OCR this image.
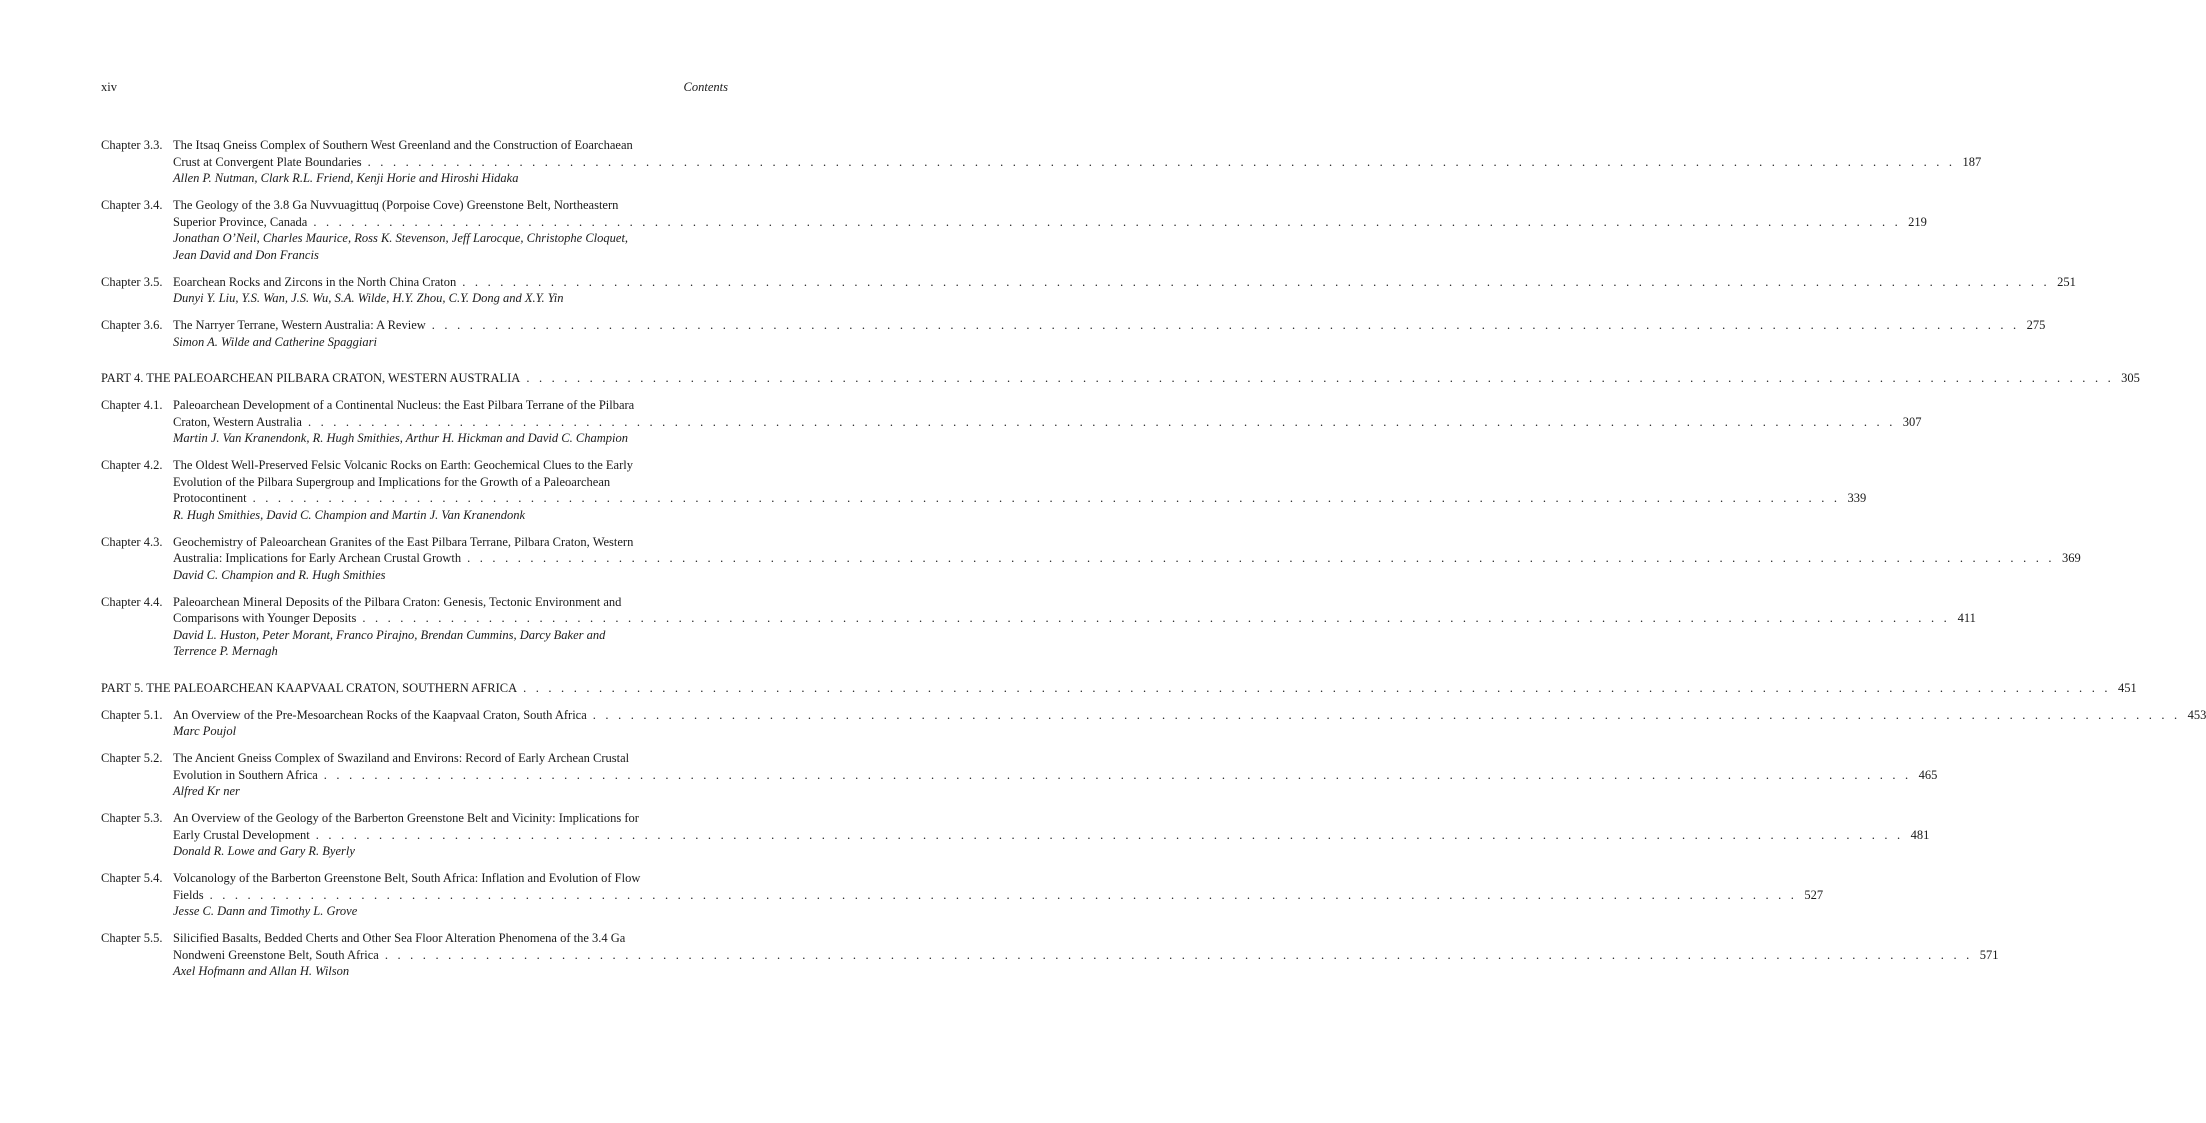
xiv	Contents
Chapter 3.3. The Itsaq Gneiss Complex of Southern West Greenland and the Construction of Eoarchaean
Crust at Convergent Plate Boundaries . . . . . . . . . . . . . . . . . . . . . . . . . . . . . . . . . . . . . . . . . . . . . . . . . . . . . . . . . . . . . . . . . . . . . . . . . . . . . . . . . . . . . . . . . . . . . . . . . . . . . . . . . . . . . . . . . . . . . . . . . . . . . . 187
Allen P. Nutman, Clark R.L. Friend, Kenji Horie and Hiroshi Hidaka
Chapter 3.4. The Geology of the 3.8 Ga Nuvvuagittuq (Porpoise Cove) Greenstone Belt, Northeastern
Superior Province, Canada . . . . . . . . . . . . . . . . . . . . . . . . . . . . . . . . . . . . . . . . . . . . . . . . . . . . . . . . . . . . . . . . . . . . . . . . . . . . . . . . . . . . . . . . . . . . . . . . . . . . . . . . . . . . . . . . . . . . . . . . . . . . . . 219
Jonathan O’Neil, Charles Maurice, Ross K. Stevenson, Jeff Larocque, Christophe Cloquet,
Jean David and Don Francis
Chapter 3.5. Eoarchean Rocks and Zircons in the North China Craton . . . . . . . . . . . . . . . . . . . . . . . . . . . . . . . . . . . . . . . . . . . . . . . . . . . . . . . . . . . . . . . . . . . . . . . . . . . . . . . . . . . . . . . . . . . . . . . . . . . . . . . . . . . . . . . . . . . . . . . . . . . . . . 251
Dunyi Y. Liu, Y.S. Wan, J.S. Wu, S.A. Wilde, H.Y. Zhou, C.Y. Dong and X.Y. Yin
Chapter 3.6. The Narryer Terrane, Western Australia: A Review . . . . . . . . . . . . . . . . . . . . . . . . . . . . . . . . . . . . . . . . . . . . . . . . . . . . . . . . . . . . . . . . . . . . . . . . . . . . . . . . . . . . . . . . . . . . . . . . . . . . . . . . . . . . . . . . . . . . . . . . . . . . . . 275
Simon A. Wilde and Catherine Spaggiari
PART 4. THE PALEOARCHEAN PILBARA CRATON, WESTERN AUSTRALIA . . . . . . . . . . . . . . . . . . . . . . . . . . . . . . . . . . . . . . . . . . . . . . . . . . . . . . . . . . . . . . . . . . . . . . . . . . . . . . . . . . . . . . . . . . . . . . . . . . . . . . . . . . . . . . . . . . . . . . . . . . . . . . 305
Chapter 4.1. Paleoarchean Development of a Continental Nucleus: the East Pilbara Terrane of the Pilbara
Craton, Western Australia . . . . . . . . . . . . . . . . . . . . . . . . . . . . . . . . . . . . . . . . . . . . . . . . . . . . . . . . . . . . . . . . . . . . . . . . . . . . . . . . . . . . . . . . . . . . . . . . . . . . . . . . . . . . . . . . . . . . . . . . . . . . . . 307
Martin J. Van Kranendonk, R. Hugh Smithies, Arthur H. Hickman and David C. Champion
Chapter 4.2. The Oldest Well-Preserved Felsic Volcanic Rocks on Earth: Geochemical Clues to the Early
Evolution of the Pilbara Supergroup and Implications for the Growth of a Paleoarchean
Protocontinent . . . . . . . . . . . . . . . . . . . . . . . . . . . . . . . . . . . . . . . . . . . . . . . . . . . . . . . . . . . . . . . . . . . . . . . . . . . . . . . . . . . . . . . . . . . . . . . . . . . . . . . . . . . . . . . . . . . . . . . . . . . . . . 339
R. Hugh Smithies, David C. Champion and Martin J. Van Kranendonk
Chapter 4.3. Geochemistry of Paleoarchean Granites of the East Pilbara Terrane, Pilbara Craton, Western
Australia: Implications for Early Archean Crustal Growth . . . . . . . . . . . . . . . . . . . . . . . . . . . . . . . . . . . . . . . . . . . . . . . . . . . . . . . . . . . . . . . . . . . . . . . . . . . . . . . . . . . . . . . . . . . . . . . . . . . . . . . . . . . . . . . . . . . . . . . . . . . . . . 369
David C. Champion and R. Hugh Smithies
Chapter 4.4. Paleoarchean Mineral Deposits of the Pilbara Craton: Genesis, Tectonic Environment and
Comparisons with Younger Deposits . . . . . . . . . . . . . . . . . . . . . . . . . . . . . . . . . . . . . . . . . . . . . . . . . . . . . . . . . . . . . . . . . . . . . . . . . . . . . . . . . . . . . . . . . . . . . . . . . . . . . . . . . . . . . . . . . . . . . . . . . . . . . . 411
David L. Huston, Peter Morant, Franco Pirajno, Brendan Cummins, Darcy Baker and
Terrence P. Mernagh
PART 5. THE PALEOARCHEAN KAAPVAAL CRATON, SOUTHERN AFRICA . . . . . . . . . . . . . . . . . . . . . . . . . . . . . . . . . . . . . . . . . . . . . . . . . . . . . . . . . . . . . . . . . . . . . . . . . . . . . . . . . . . . . . . . . . . . . . . . . . . . . . . . . . . . . . . . . . . . . . . . . . . . . . 451
Chapter 5.1. An Overview of the Pre-Mesoarchean Rocks of the Kaapvaal Craton, South Africa . . . . . . . . . . . . . . . . . . . . . . . . . . . . . . . . . . . . . . . . . . . . . . . . . . . . . . . . . . . . . . . . . . . . . . . . . . . . . . . . . . . . . . . . . . . . . . . . . . . . . . . . . . . . . . . . . . . . . . . . . . . . . . 453
Marc Poujol
Chapter 5.2. The Ancient Gneiss Complex of Swaziland and Environs: Record of Early Archean Crustal
Evolution in Southern Africa . . . . . . . . . . . . . . . . . . . . . . . . . . . . . . . . . . . . . . . . . . . . . . . . . . . . . . . . . . . . . . . . . . . . . . . . . . . . . . . . . . . . . . . . . . . . . . . . . . . . . . . . . . . . . . . . . . . . . . . . . . . . . . 465
Alfred Kr ner
Chapter 5.3. An Overview of the Geology of the Barberton Greenstone Belt and Vicinity: Implications for
Early Crustal Development . . . . . . . . . . . . . . . . . . . . . . . . . . . . . . . . . . . . . . . . . . . . . . . . . . . . . . . . . . . . . . . . . . . . . . . . . . . . . . . . . . . . . . . . . . . . . . . . . . . . . . . . . . . . . . . . . . . . . . . . . . . . . . 481
Donald R. Lowe and Gary R. Byerly
Chapter 5.4. Volcanology of the Barberton Greenstone Belt, South Africa: Inflation and Evolution of Flow
Fields . . . . . . . . . . . . . . . . . . . . . . . . . . . . . . . . . . . . . . . . . . . . . . . . . . . . . . . . . . . . . . . . . . . . . . . . . . . . . . . . . . . . . . . . . . . . . . . . . . . . . . . . . . . . . . . . . . . . . . . . . . . . . . 527
Jesse C. Dann and Timothy L. Grove
Chapter 5.5. Silicified Basalts, Bedded Cherts and Other Sea Floor Alteration Phenomena of the 3.4 Ga
Nondweni Greenstone Belt, South Africa . . . . . . . . . . . . . . . . . . . . . . . . . . . . . . . . . . . . . . . . . . . . . . . . . . . . . . . . . . . . . . . . . . . . . . . . . . . . . . . . . . . . . . . . . . . . . . . . . . . . . . . . . . . . . . . . . . . . . . . . . . . . . . 571
Axel Hofmann and Allan H. Wilson
